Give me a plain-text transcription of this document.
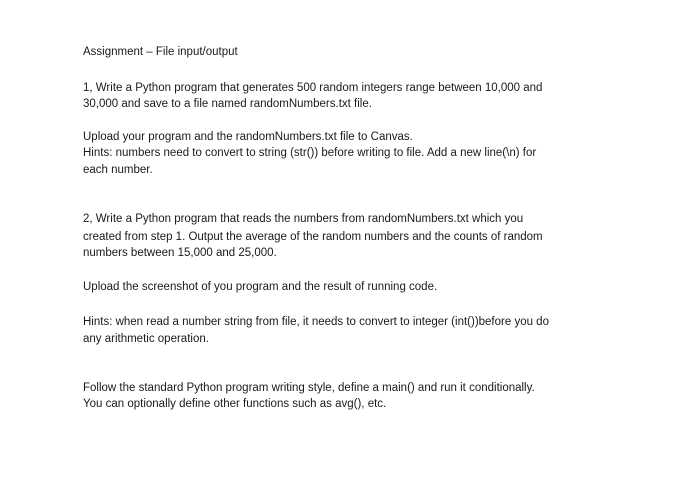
Assignment – File input/output
1, Write a Python program that generates 500 random integers range between 10,000 and
30,000 and save to a file named randomNumbers.txt file.
Upload your program and the randomNumbers.txt file to Canvas.
Hints: numbers need to convert to string (str()) before writing to file. Add a new line(\n) for
each number.
2, Write a Python program that reads the numbers from randomNumbers.txt which you
created from step 1. Output the average of the random numbers and the counts of random
numbers between 15,000 and 25,000.
Upload the screenshot of you program and the result of running code.
Hints: when read a number string from file, it needs to convert to integer (int())before you do
any arithmetic operation.
Follow the standard Python program writing style, define a main() and run it conditionally.
You can optionally define other functions such as avg(), etc.
